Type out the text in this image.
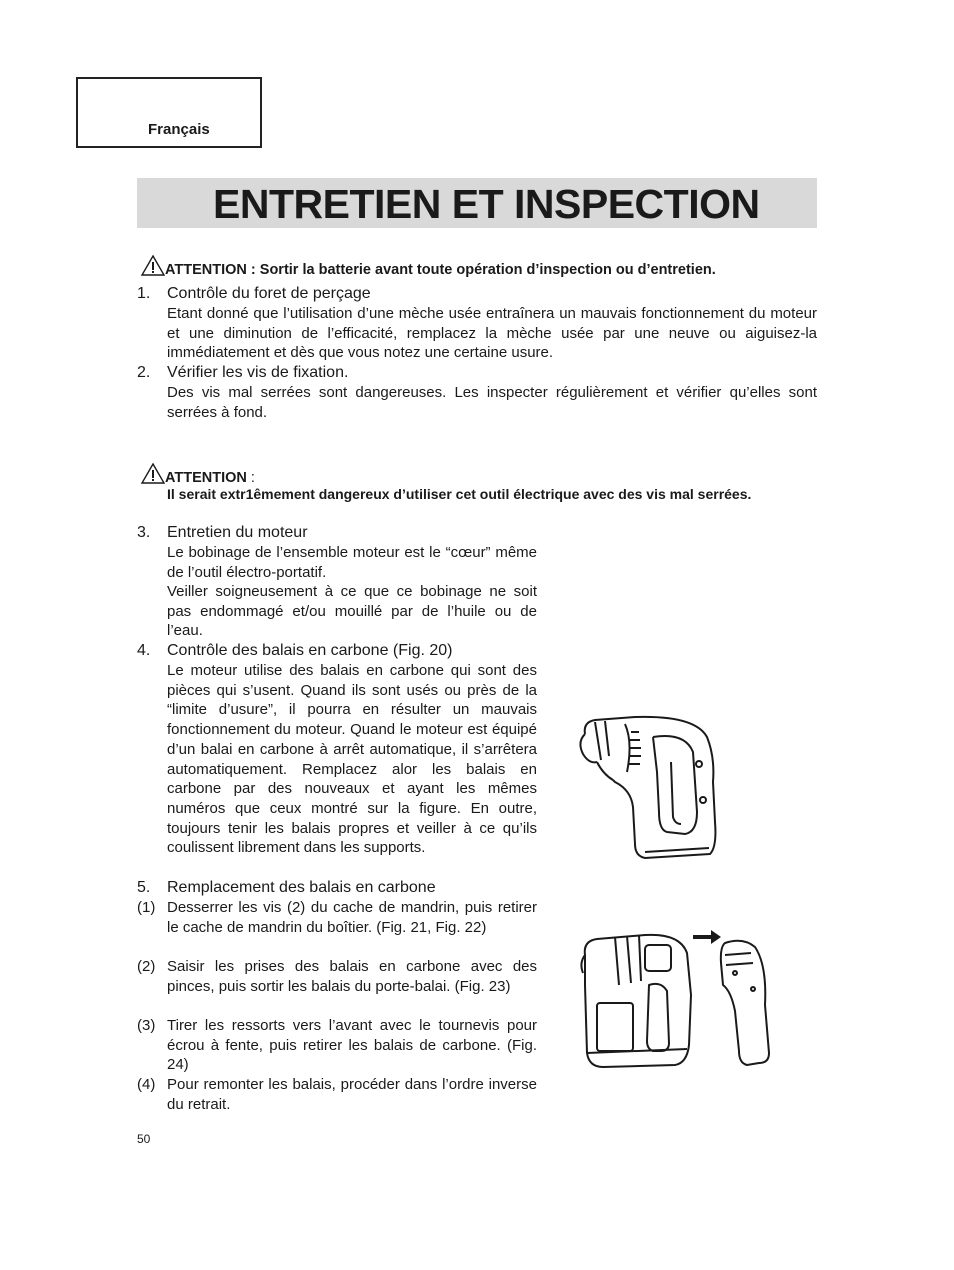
Français
ENTRETIEN ET INSPECTION
ATTENTION : Sortir la batterie avant toute opération d’inspection ou d’entretien.
1. Contrôle du foret de perçage
Etant donné que l’utilisation d’une mèche usée entraînera un mauvais fonctionnement du moteur et une diminution de l’efficacité, remplacez la mèche usée par une neuve ou aiguisez-la immédiatement et dès que vous notez une certaine usure.
2. Vérifier les vis de fixation.
Des vis mal serrées sont dangereuses. Les inspecter régulièrement et vérifier qu’elles sont serrées à fond.
ATTENTION :
Il serait extr1êmement dangereux d’utiliser cet outil électrique avec des vis mal serrées.
3. Entretien du moteur
Le bobinage de l’ensemble moteur est le “cœur” même de l’outil électro-portatif.
Veiller soigneusement à ce que ce bobinage ne soit pas endommagé et/ou mouillé par de l’huile ou de l’eau.
4. Contrôle des balais en carbone (Fig. 20)
Le moteur utilise des balais en carbone qui sont des pièces qui s’usent. Quand ils sont usés ou près de la “limite d’usure”, il pourra en résulter un mauvais fonctionnement du moteur. Quand le moteur est équipé d’un balai en carbone à arrêt automatique, il s’arrêtera automatiquement. Remplacez alor les balais en carbone par des nouveaux et ayant les mêmes numéros que ceux montré sur la figure. En outre, toujours tenir les balais propres et veiller à ce qu’ils coulissent librement dans les supports.
5. Remplacement des balais en carbone
(1) Desserrer les vis (2) du cache de mandrin, puis retirer le cache de mandrin du boîtier. (Fig. 21, Fig. 22)
(2) Saisir les prises des balais en carbone avec des pinces, puis sortir les balais du porte-balai. (Fig. 23)
(3) Tirer les ressorts vers l’avant avec le tournevis pour écrou à fente, puis retirer les balais de carbone. (Fig. 24)
(4) Pour remonter les balais, procéder dans l’ordre inverse du retrait.
50
